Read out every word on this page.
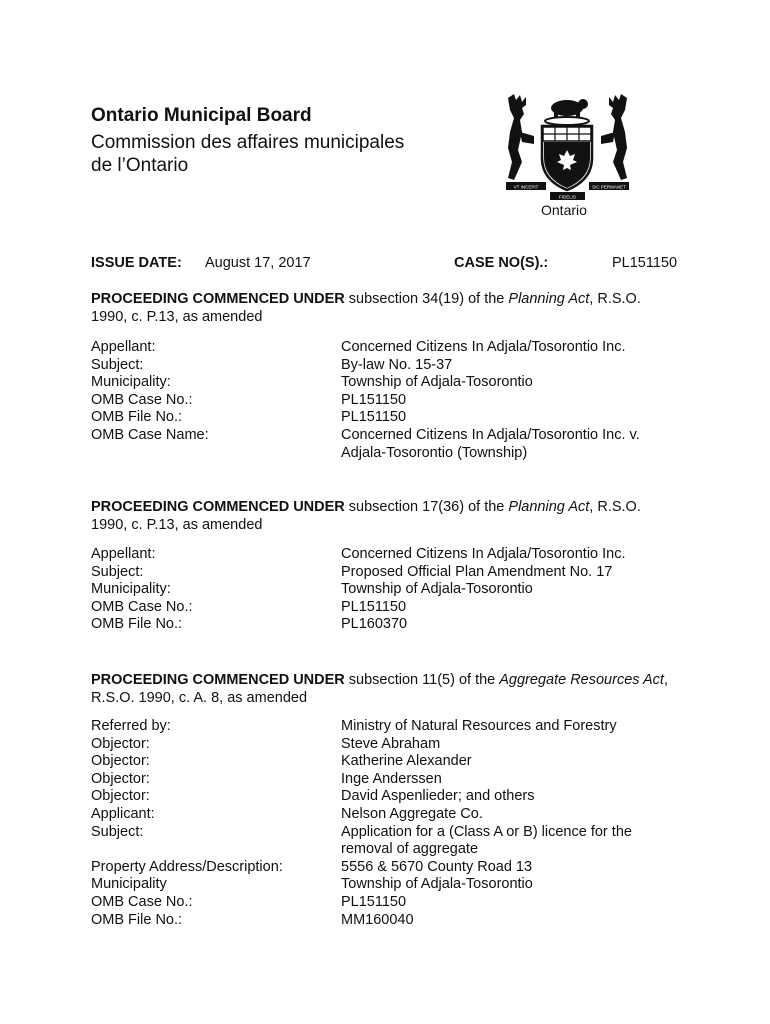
Ontario Municipal Board
Commission des affaires municipales
de l’Ontario
VT INCEPIT	SIC PERMANET
FIDELIS
Ontario
ISSUE DATE: August 17, 2017	CASE NO(S).:	PL151150
PROCEEDING COMMENCED UNDER subsection 34(19) of the Planning Act, R.S.O. 1990, c. P.13, as amended
Appellant:	Concerned Citizens In Adjala/Tosorontio Inc.
Subject:	By-law No. 15-37
Municipality:	Township of Adjala-Tosorontio
OMB Case No.:	PL151150
OMB File No.:	PL151150
OMB Case Name:	Concerned Citizens In Adjala/Tosorontio Inc. v. Adjala-Tosorontio (Township)
PROCEEDING COMMENCED UNDER subsection 17(36) of the Planning Act, R.S.O. 1990, c. P.13, as amended
Appellant:	Concerned Citizens In Adjala/Tosorontio Inc.
Subject:	Proposed Official Plan Amendment No. 17
Municipality:	Township of Adjala-Tosorontio
OMB Case No.:	PL151150
OMB File No.:	PL160370
PROCEEDING COMMENCED UNDER subsection 11(5) of the Aggregate Resources Act, R.S.O. 1990, c. A. 8, as amended
Referred by:	Ministry of Natural Resources and Forestry
Objector:	Steve Abraham
Objector:	Katherine Alexander
Objector:	Inge Anderssen
Objector:	David Aspenlieder; and others
Applicant:	Nelson Aggregate Co.
Subject:	Application for a (Class A or B) licence for the removal of aggregate
Property Address/Description:	5556 & 5670 County Road 13
Municipality	Township of Adjala-Tosorontio
OMB Case No.:	PL151150
OMB File No.:	MM160040
